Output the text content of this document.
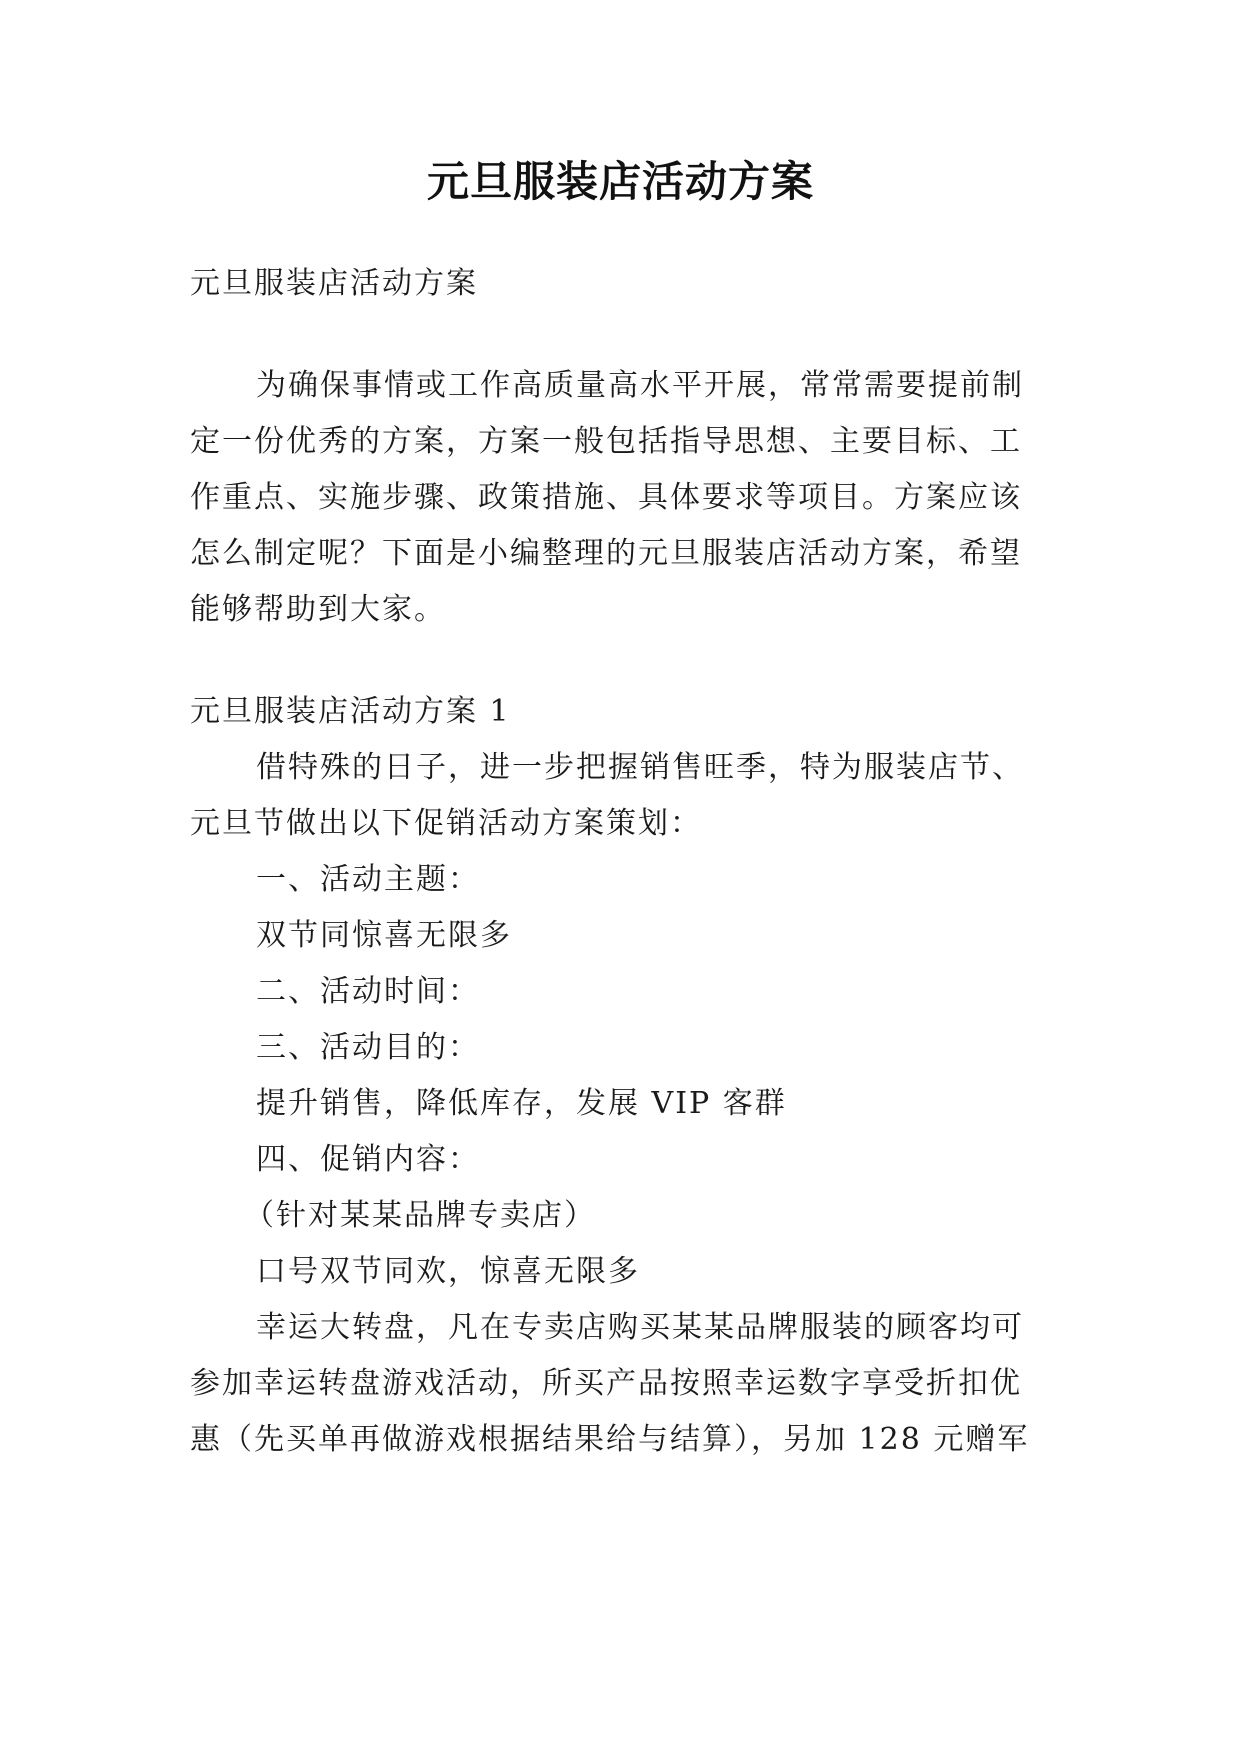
元旦服装店活动方案
元旦服装店活动方案
为确保事情或工作高质量高水平开展，常常需要提前制
定一份优秀的方案，方案一般包括指导思想、主要目标、工
作重点、实施步骤、政策措施、具体要求等项目。方案应该
怎么制定呢？下面是小编整理的元旦服装店活动方案，希望
能够帮助到大家。
元旦服装店活动方案 1
借特殊的日子，进一步把握销售旺季，特为服装店节、
元旦节做出以下促销活动方案策划：
一、活动主题：
双节同惊喜无限多
二、活动时间：
三、活动目的：
提升销售，降低库存，发展 VIP 客群
四、促销内容：
（针对某某品牌专卖店）
口号双节同欢，惊喜无限多
幸运大转盘，凡在专卖店购买某某品牌服装的顾客均可
参加幸运转盘游戏活动，所买产品按照幸运数字享受折扣优
惠（先买单再做游戏根据结果给与结算），另加 128 元赠军
